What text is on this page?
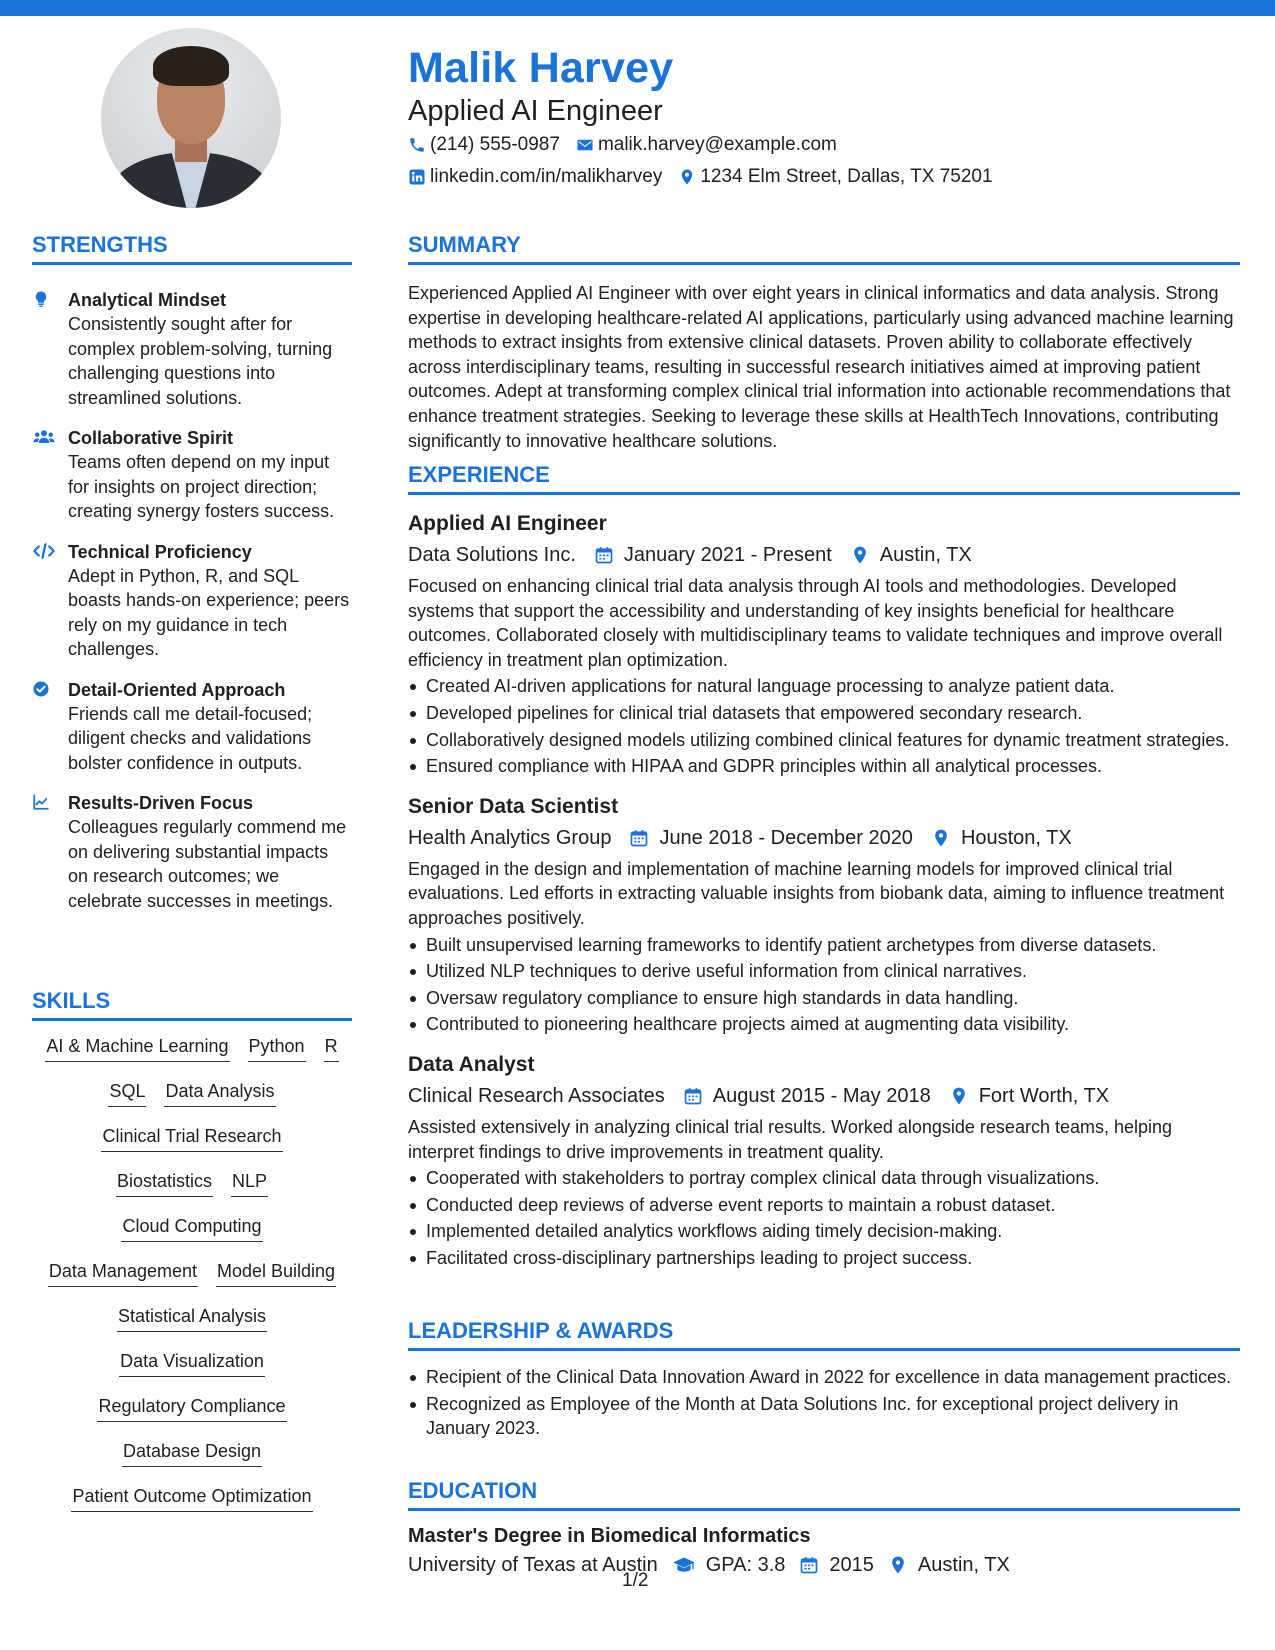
Malik Harvey
Applied AI Engineer
(214) 555-0987 malik.harvey@example.com
linkedin.com/in/malikharvey 1234 Elm Street, Dallas, TX 75201
STRENGTHS
Analytical Mindset
Consistently sought after for complex problem-solving, turning challenging questions into streamlined solutions.
Collaborative Spirit
Teams often depend on my input for insights on project direction; creating synergy fosters success.
Technical Proficiency
Adept in Python, R, and SQL boasts hands-on experience; peers rely on my guidance in tech challenges.
Detail-Oriented Approach
Friends call me detail-focused; diligent checks and validations bolster confidence in outputs.
Results-Driven Focus
Colleagues regularly commend me on delivering substantial impacts on research outcomes; we celebrate successes in meetings.
SKILLS
AI & Machine Learning Python R
SQL Data Analysis
Clinical Trial Research
Biostatistics NLP
Cloud Computing
Data Management Model Building
Statistical Analysis
Data Visualization
Regulatory Compliance
Database Design
Patient Outcome Optimization
SUMMARY
Experienced Applied AI Engineer with over eight years in clinical informatics and data analysis. Strong expertise in developing healthcare-related AI applications, particularly using advanced machine learning methods to extract insights from extensive clinical datasets. Proven ability to collaborate effectively across interdisciplinary teams, resulting in successful research initiatives aimed at improving patient outcomes. Adept at transforming complex clinical trial information into actionable recommendations that enhance treatment strategies. Seeking to leverage these skills at HealthTech Innovations, contributing significantly to innovative healthcare solutions.
EXPERIENCE
Applied AI Engineer
Data Solutions Inc. January 2021 - Present Austin, TX
Focused on enhancing clinical trial data analysis through AI tools and methodologies. Developed systems that support the accessibility and understanding of key insights beneficial for healthcare outcomes. Collaborated closely with multidisciplinary teams to validate techniques and improve overall efficiency in treatment plan optimization.
Created AI-driven applications for natural language processing to analyze patient data.
Developed pipelines for clinical trial datasets that empowered secondary research.
Collaboratively designed models utilizing combined clinical features for dynamic treatment strategies.
Ensured compliance with HIPAA and GDPR principles within all analytical processes.
Senior Data Scientist
Health Analytics Group June 2018 - December 2020 Houston, TX
Engaged in the design and implementation of machine learning models for improved clinical trial evaluations. Led efforts in extracting valuable insights from biobank data, aiming to influence treatment approaches positively.
Built unsupervised learning frameworks to identify patient archetypes from diverse datasets.
Utilized NLP techniques to derive useful information from clinical narratives.
Oversaw regulatory compliance to ensure high standards in data handling.
Contributed to pioneering healthcare projects aimed at augmenting data visibility.
Data Analyst
Clinical Research Associates August 2015 - May 2018 Fort Worth, TX
Assisted extensively in analyzing clinical trial results. Worked alongside research teams, helping interpret findings to drive improvements in treatment quality.
Cooperated with stakeholders to portray complex clinical data through visualizations.
Conducted deep reviews of adverse event reports to maintain a robust dataset.
Implemented detailed analytics workflows aiding timely decision-making.
Facilitated cross-disciplinary partnerships leading to project success.
LEADERSHIP & AWARDS
Recipient of the Clinical Data Innovation Award in 2022 for excellence in data management practices.
Recognized as Employee of the Month at Data Solutions Inc. for exceptional project delivery in January 2023.
EDUCATION
Master's Degree in Biomedical Informatics
University of Texas at Austin GPA: 3.8 2015 Austin, TX
1/2
